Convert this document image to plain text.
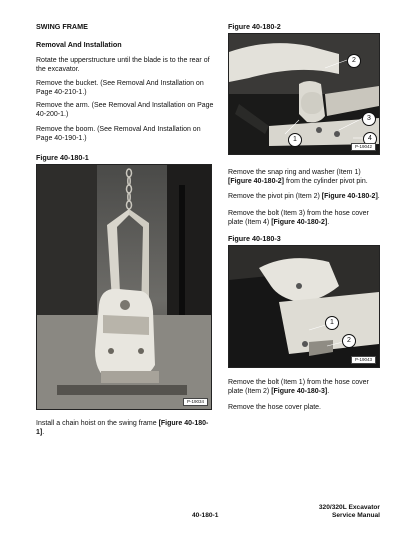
SWING FRAME
Removal And Installation
Rotate the upperstructure until the blade is to the rear of the excavator.
Remove the bucket. (See Removal And Installation on Page 40-210-1.)
Remove the arm. (See Removal And Installation on Page 40-200-1.)
Remove the boom. (See Removal And Installation on Page 40-190-1.)
Figure 40-180-1
P-19034
Install a chain hoist on the swing frame [Figure 40-180-1].
Figure 40-180-2
2
3
1	4
P-19042
Remove the snap ring and washer (Item 1) [Figure 40-180-2] from the cylinder pivot pin.
Remove the pivot pin (Item 2) [Figure 40-180-2].
Remove the bolt (Item 3) from the hose cover plate (Item 4) [Figure 40-180-2].
Figure 40-180-3
1
2
P-19043
Remove the bolt (Item 1) from the hose cover plate (Item 2) [Figure 40-180-3].
Remove the hose cover plate.
40-180-1
320/320L Excavator
Service Manual
